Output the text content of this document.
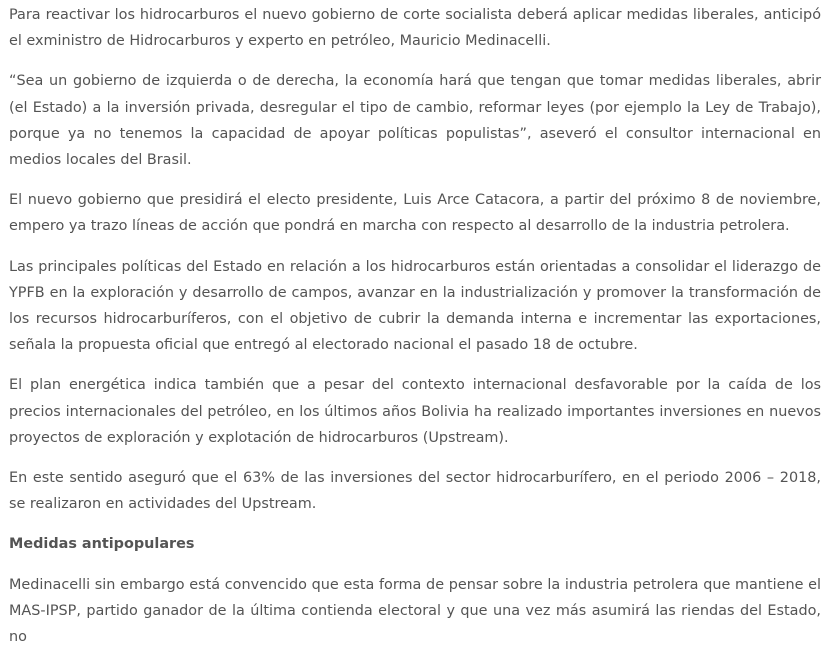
Para reactivar los hidrocarburos el nuevo gobierno de corte socialista deberá aplicar medidas liberales, anticipó el exministro de Hidrocarburos y experto en petróleo, Mauricio Medinacelli.

“Sea un gobierno de izquierda o de derecha, la economía hará que tengan que tomar medidas liberales, abrir (el Estado) a la inversión privada, desregular el tipo de cambio, reformar leyes (por ejemplo la Ley de Trabajo), porque ya no tenemos la capacidad de apoyar políticas populistas”, aseveró el consultor internacional en medios locales del Brasil.

El nuevo gobierno que presidirá el electo presidente, Luis Arce Catacora, a partir del próximo 8 de noviembre, empero ya trazo líneas de acción que pondrá en marcha con respecto al desarrollo de la industria petrolera.

Las principales políticas del Estado en relación a los hidrocarburos están orientadas a consolidar el liderazgo de YPFB en la exploración y desarrollo de campos, avanzar en la industrialización y promover la transformación de los recursos hidrocarburíferos, con el objetivo de cubrir la demanda interna e incrementar las exportaciones, señala la propuesta oficial que entregó al electorado nacional el pasado 18 de octubre.

El plan energética indica también que a pesar del contexto internacional desfavorable por la caída de los precios internacionales del petróleo, en los últimos años Bolivia ha realizado importantes inversiones en nuevos proyectos de exploración y explotación de hidrocarburos (Upstream).

En este sentido aseguró que el 63% de las inversiones del sector hidrocarburífero, en el periodo 2006 – 2018, se realizaron en actividades del Upstream.

Medidas antipopulares

Medinacelli sin embargo está convencido que esta forma de pensar sobre la industria petrolera que mantiene el MAS-IPSP, partido ganador de la última contienda electoral y que una vez más asumirá las riendas del Estado, no
